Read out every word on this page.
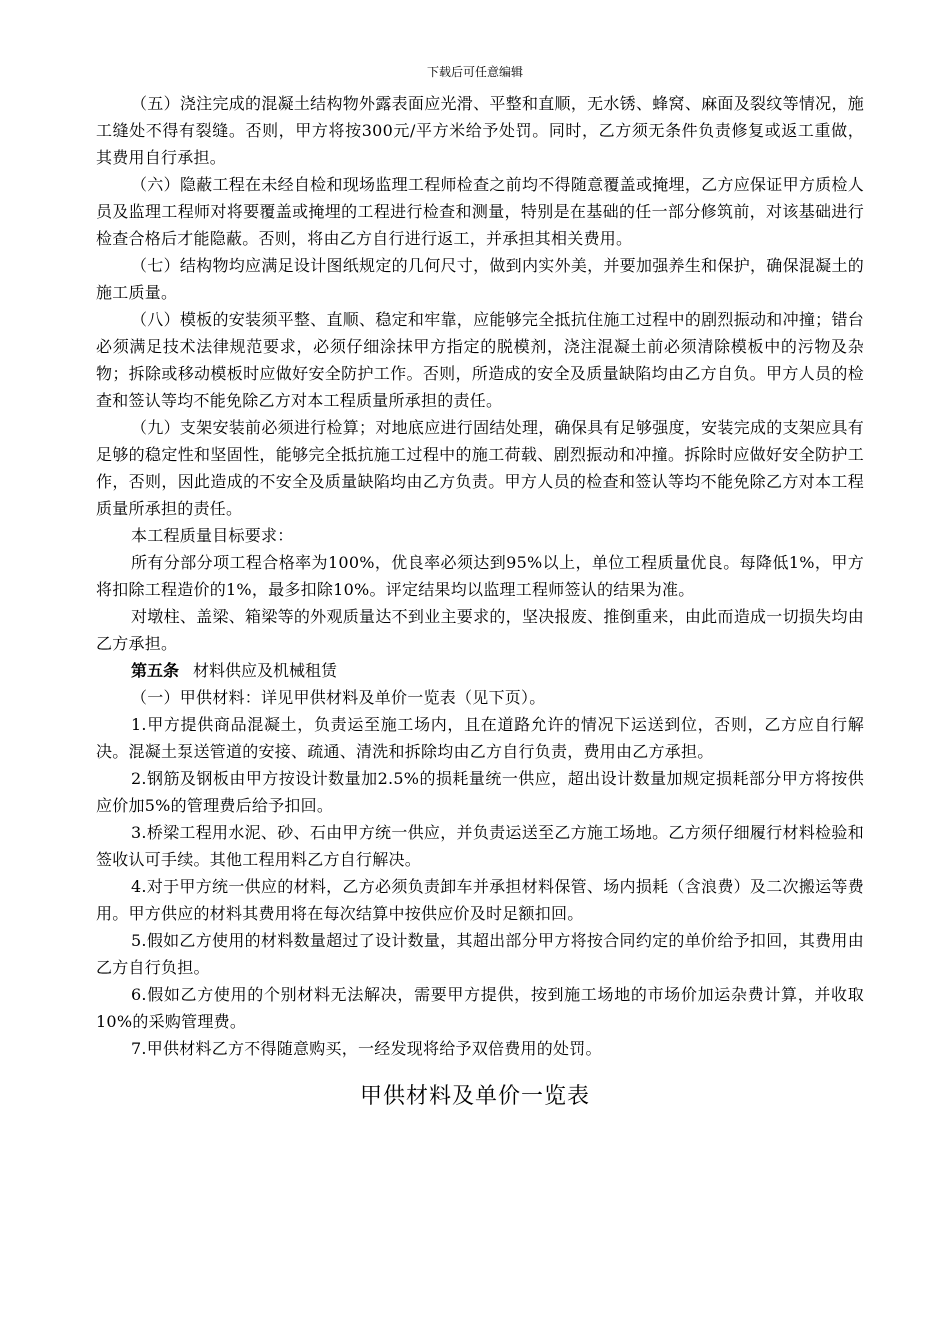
下载后可任意编辑

（五）浇注完成的混凝土结构物外露表面应光滑、平整和直顺，无水锈、蜂窝、麻面及裂纹等情况，施工缝处不得有裂缝。否则，甲方将按300元/平方米给予处罚。同时，乙方须无条件负责修复或返工重做，其费用自行承担。

（六）隐蔽工程在未经自检和现场监理工程师检查之前均不得随意覆盖或掩埋，乙方应保证甲方质检人员及监理工程师对将要覆盖或掩埋的工程进行检查和测量，特别是在基础的任一部分修筑前，对该基础进行检查合格后才能隐蔽。否则，将由乙方自行进行返工，并承担其相关费用。

（七）结构物均应满足设计图纸规定的几何尺寸，做到内实外美，并要加强养生和保护，确保混凝土的施工质量。

（八）模板的安装须平整、直顺、稳定和牢靠，应能够完全抵抗住施工过程中的剧烈振动和冲撞；错台必须满足技术法律规范要求，必须仔细涂抹甲方指定的脱模剂，浇注混凝土前必须清除模板中的污物及杂物；拆除或移动模板时应做好安全防护工作。否则，所造成的安全及质量缺陷均由乙方自负。甲方人员的检查和签认等均不能免除乙方对本工程质量所承担的责任。

（九）支架安装前必须进行检算；对地底应进行固结处理，确保具有足够强度，安装完成的支架应具有足够的稳定性和坚固性，能够完全抵抗施工过程中的施工荷载、剧烈振动和冲撞。拆除时应做好安全防护工作，否则，因此造成的不安全及质量缺陷均由乙方负责。甲方人员的检查和签认等均不能免除乙方对本工程质量所承担的责任。

本工程质量目标要求：

所有分部分项工程合格率为100%，优良率必须达到95%以上，单位工程质量优良。每降低1%，甲方将扣除工程造价的1%，最多扣除10%。评定结果均以监理工程师签认的结果为准。

对墩柱、盖梁、箱梁等的外观质量达不到业主要求的，坚决报废、推倒重来，由此而造成一切损失均由乙方承担。

第五条 材料供应及机械租赁

（一）甲供材料：详见甲供材料及单价一览表（见下页）。

1.甲方提供商品混凝土，负责运至施工场内，且在道路允许的情况下运送到位，否则，乙方应自行解决。混凝土泵送管道的安接、疏通、清洗和拆除均由乙方自行负责，费用由乙方承担。

2.钢筋及钢板由甲方按设计数量加2.5%的损耗量统一供应，超出设计数量加规定损耗部分甲方将按供应价加5%的管理费后给予扣回。

3.桥梁工程用水泥、砂、石由甲方统一供应，并负责运送至乙方施工场地。乙方须仔细履行材料检验和签收认可手续。其他工程用料乙方自行解决。

4.对于甲方统一供应的材料，乙方必须负责卸车并承担材料保管、场内损耗（含浪费）及二次搬运等费用。甲方供应的材料其费用将在每次结算中按供应价及时足额扣回。

5.假如乙方使用的材料数量超过了设计数量，其超出部分甲方将按合同约定的单价给予扣回，其费用由乙方自行负担。

6.假如乙方使用的个别材料无法解决，需要甲方提供，按到施工场地的市场价加运杂费计算，并收取10%的采购管理费。

7.甲供材料乙方不得随意购买，一经发现将给予双倍费用的处罚。

甲供材料及单价一览表
